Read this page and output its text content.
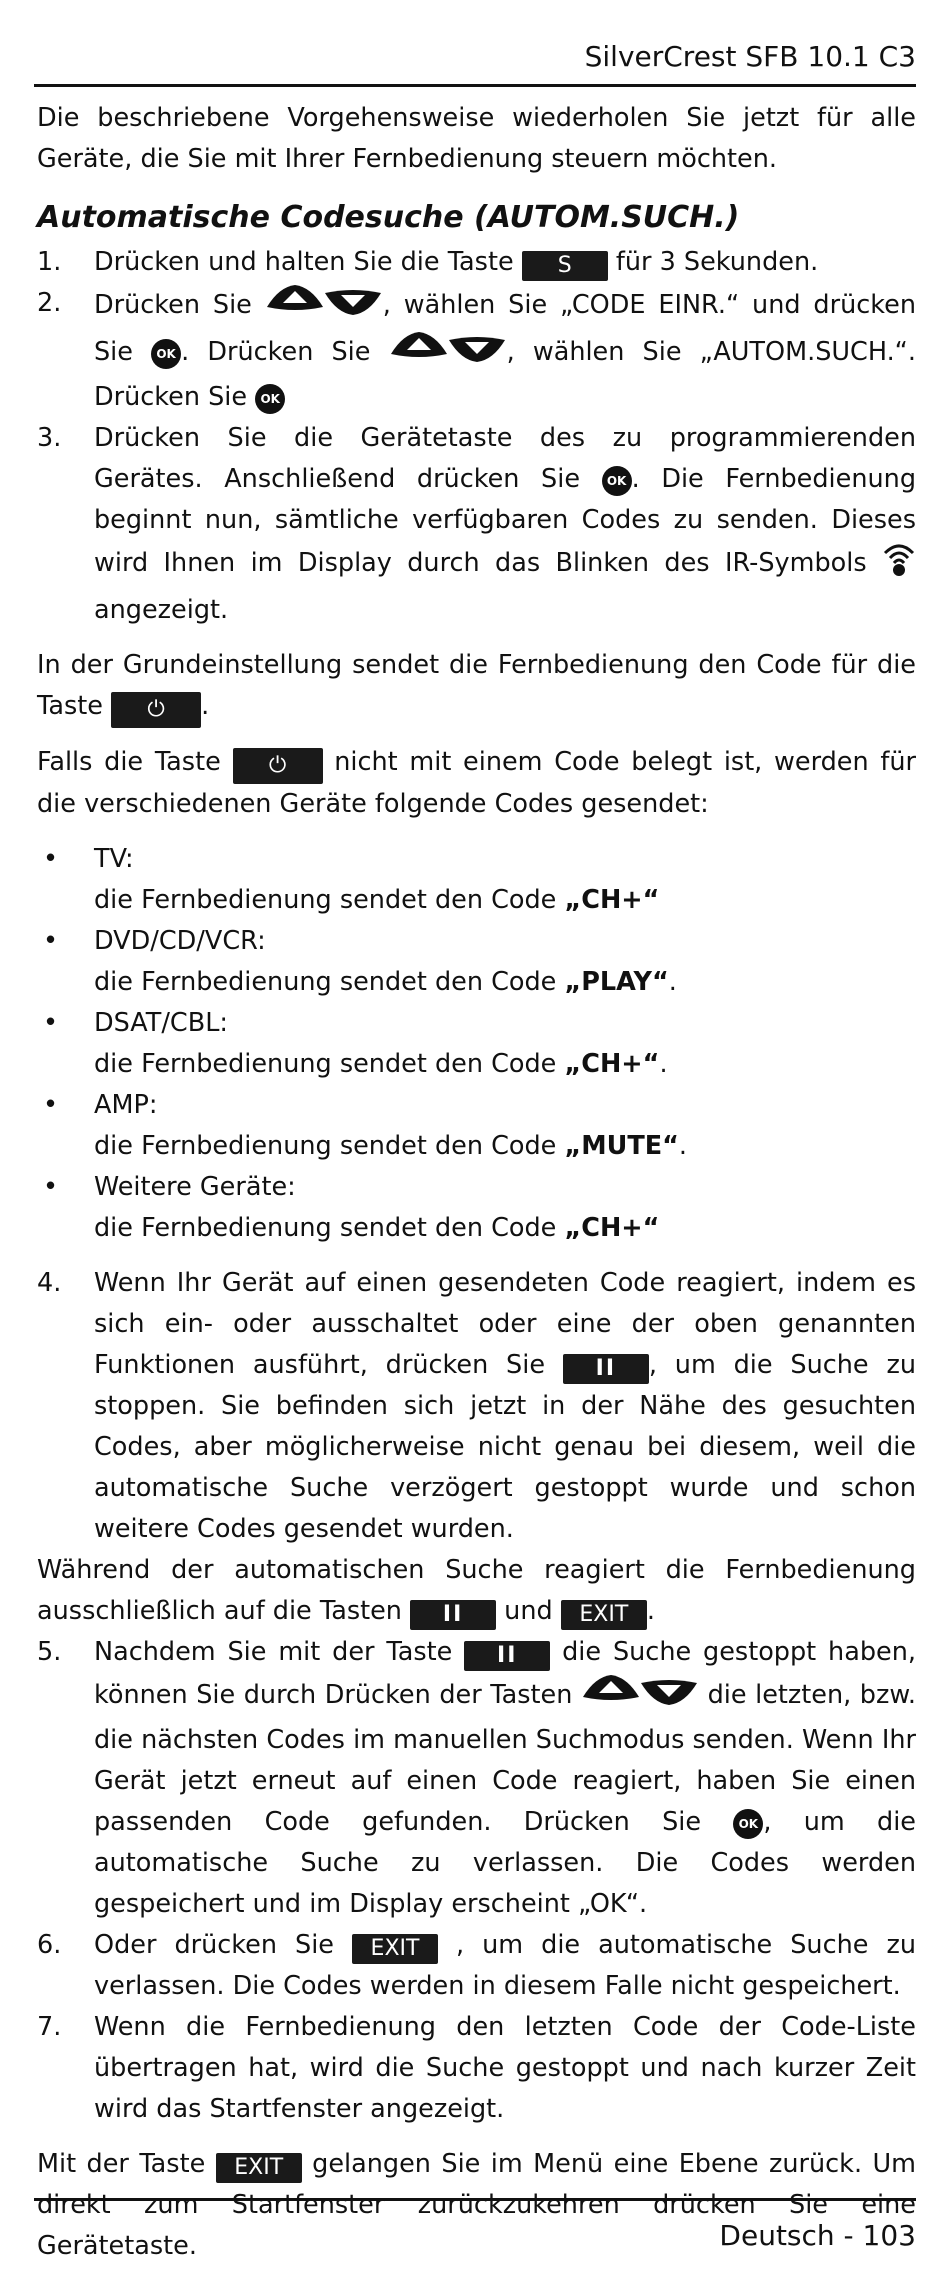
SilverCrest SFB 10.1 C3

Die beschriebene Vorgehensweise wiederholen Sie jetzt für alle Geräte, die Sie mit Ihrer Fernbedienung steuern möchten.

Automatische Codesuche (AUTOM.SUCH.)
1. Drücken und halten Sie die Taste S für 3 Sekunden.
2. Drücken Sie	, wählen Sie „CODE EINR.“ und drücken Sie OK . Drücken Sie	, wählen Sie „AUTOM.SUCH.“. Drücken Sie OK
3. Drücken Sie die Gerätetaste des zu programmierenden Gerätes. Anschließend drücken Sie OK . Die Fernbedienung beginnt nun, sämtliche verfügbaren Codes zu senden. Dieses wird Ihnen im Display durch das Blinken des IR-Symbols angezeigt.

In der Grundeinstellung sendet die Fernbedienung den Code für die Taste ⏻ .

Falls die Taste ⏻ nicht mit einem Code belegt ist, werden für die verschiedenen Geräte folgende Codes gesendet:

• TV:
die Fernbedienung sendet den Code „CH+“
• DVD/CD/VCR:
die Fernbedienung sendet den Code „PLAY“.
• DSAT/CBL:
die Fernbedienung sendet den Code „CH+“.
• AMP:
die Fernbedienung sendet den Code „MUTE“.
• Weitere Geräte:
die Fernbedienung sendet den Code „CH+“
4. Wenn Ihr Gerät auf einen gesendeten Code reagiert, indem es sich ein- oder ausschaltet oder eine der oben genannten Funktionen ausführt, drücken Sie II , um die Suche zu stoppen. Sie befinden sich jetzt in der Nähe des gesuchten Codes, aber möglicherweise nicht genau bei diesem, weil die automatische Suche verzögert gestoppt wurde und schon weitere Codes gesendet wurden.

Während der automatischen Suche reagiert die Fernbedienung ausschließlich auf die Tasten II und EXIT .

5. Nachdem Sie mit der Taste II die Suche gestoppt haben, können Sie durch Drücken der Tasten	die letzten, bzw. die nächsten Codes im manuellen Suchmodus senden. Wenn Ihr Gerät jetzt erneut auf einen Code reagiert, haben Sie einen passenden Code gefunden. Drücken Sie OK , um die automatische Suche zu verlassen. Die Codes werden gespeichert und im Display erscheint „OK“.
6. Oder drücken Sie EXIT , um die automatische Suche zu verlassen. Die Codes werden in diesem Falle nicht gespeichert.
7. Wenn die Fernbedienung den letzten Code der Code-Liste übertragen hat, wird die Suche gestoppt und nach kurzer Zeit wird das Startfenster angezeigt.

Mit der Taste EXIT gelangen Sie im Menü eine Ebene zurück. Um direkt zum Startfenster zurückzukehren drücken Sie eine Gerätetaste.	Deutsch - 103
